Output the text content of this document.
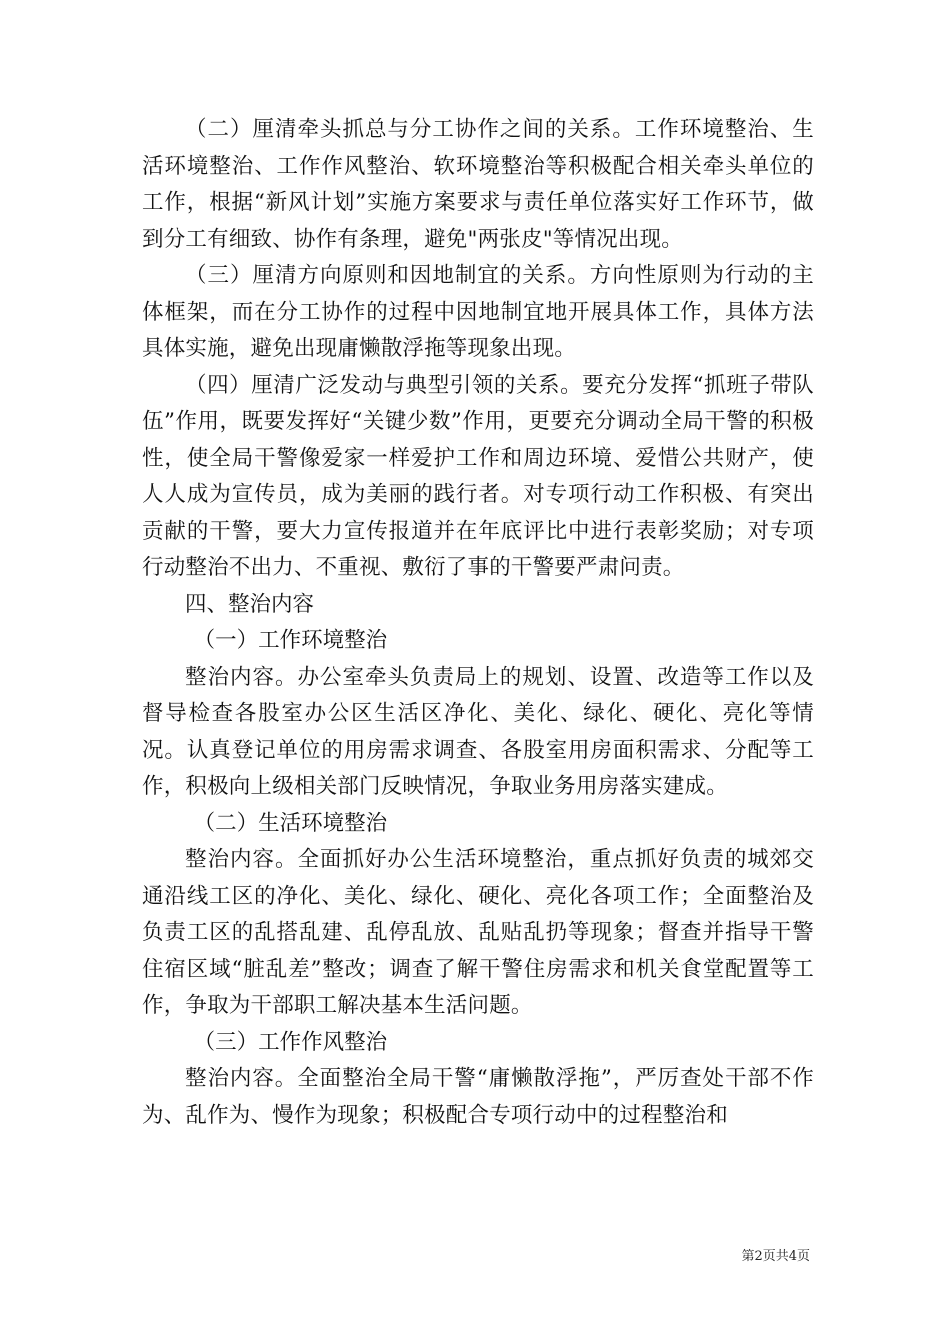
（二）厘清牵头抓总与分工协作之间的关系。工作环境整治、生活环境整治、工作作风整治、软环境整治等积极配合相关牵头单位的工作，根据“新风计划”实施方案要求与责任单位落实好工作环节，做到分工有细致、协作有条理，避免"两张皮"等情况出现。

（三）厘清方向原则和因地制宜的关系。方向性原则为行动的主体框架，而在分工协作的过程中因地制宜地开展具体工作，具体方法具体实施，避免出现庸懒散浮拖等现象出现。

（四）厘清广泛发动与典型引领的关系。要充分发挥“抓班子带队伍”作用，既要发挥好“关键少数”作用，更要充分调动全局干警的积极性，使全局干警像爱家一样爱护工作和周边环境、爱惜公共财产，使人人成为宣传员，成为美丽的践行者。对专项行动工作积极、有突出贡献的干警，要大力宣传报道并在年底评比中进行表彰奖励；对专项行动整治不出力、不重视、敷衍了事的干警要严肃问责。

四、整治内容

（一）工作环境整治

整治内容。办公室牵头负责局上的规划、设置、改造等工作以及督导检查各股室办公区生活区净化、美化、绿化、硬化、亮化等情况。认真登记单位的用房需求调查、各股室用房面积需求、分配等工作，积极向上级相关部门反映情况，争取业务用房落实建成。

（二）生活环境整治

整治内容。全面抓好办公生活环境整治，重点抓好负责的城郊交通沿线工区的净化、美化、绿化、硬化、亮化各项工作；全面整治及负责工区的乱搭乱建、乱停乱放、乱贴乱扔等现象；督查并指导干警住宿区域“脏乱差”整改；调查了解干警住房需求和机关食堂配置等工作，争取为干部职工解决基本生活问题。

（三）工作作风整治

整治内容。全面整治全局干警“庸懒散浮拖”，严厉查处干部不作为、乱作为、慢作为现象；积极配合专项行动中的过程整治和

第2页共4页
